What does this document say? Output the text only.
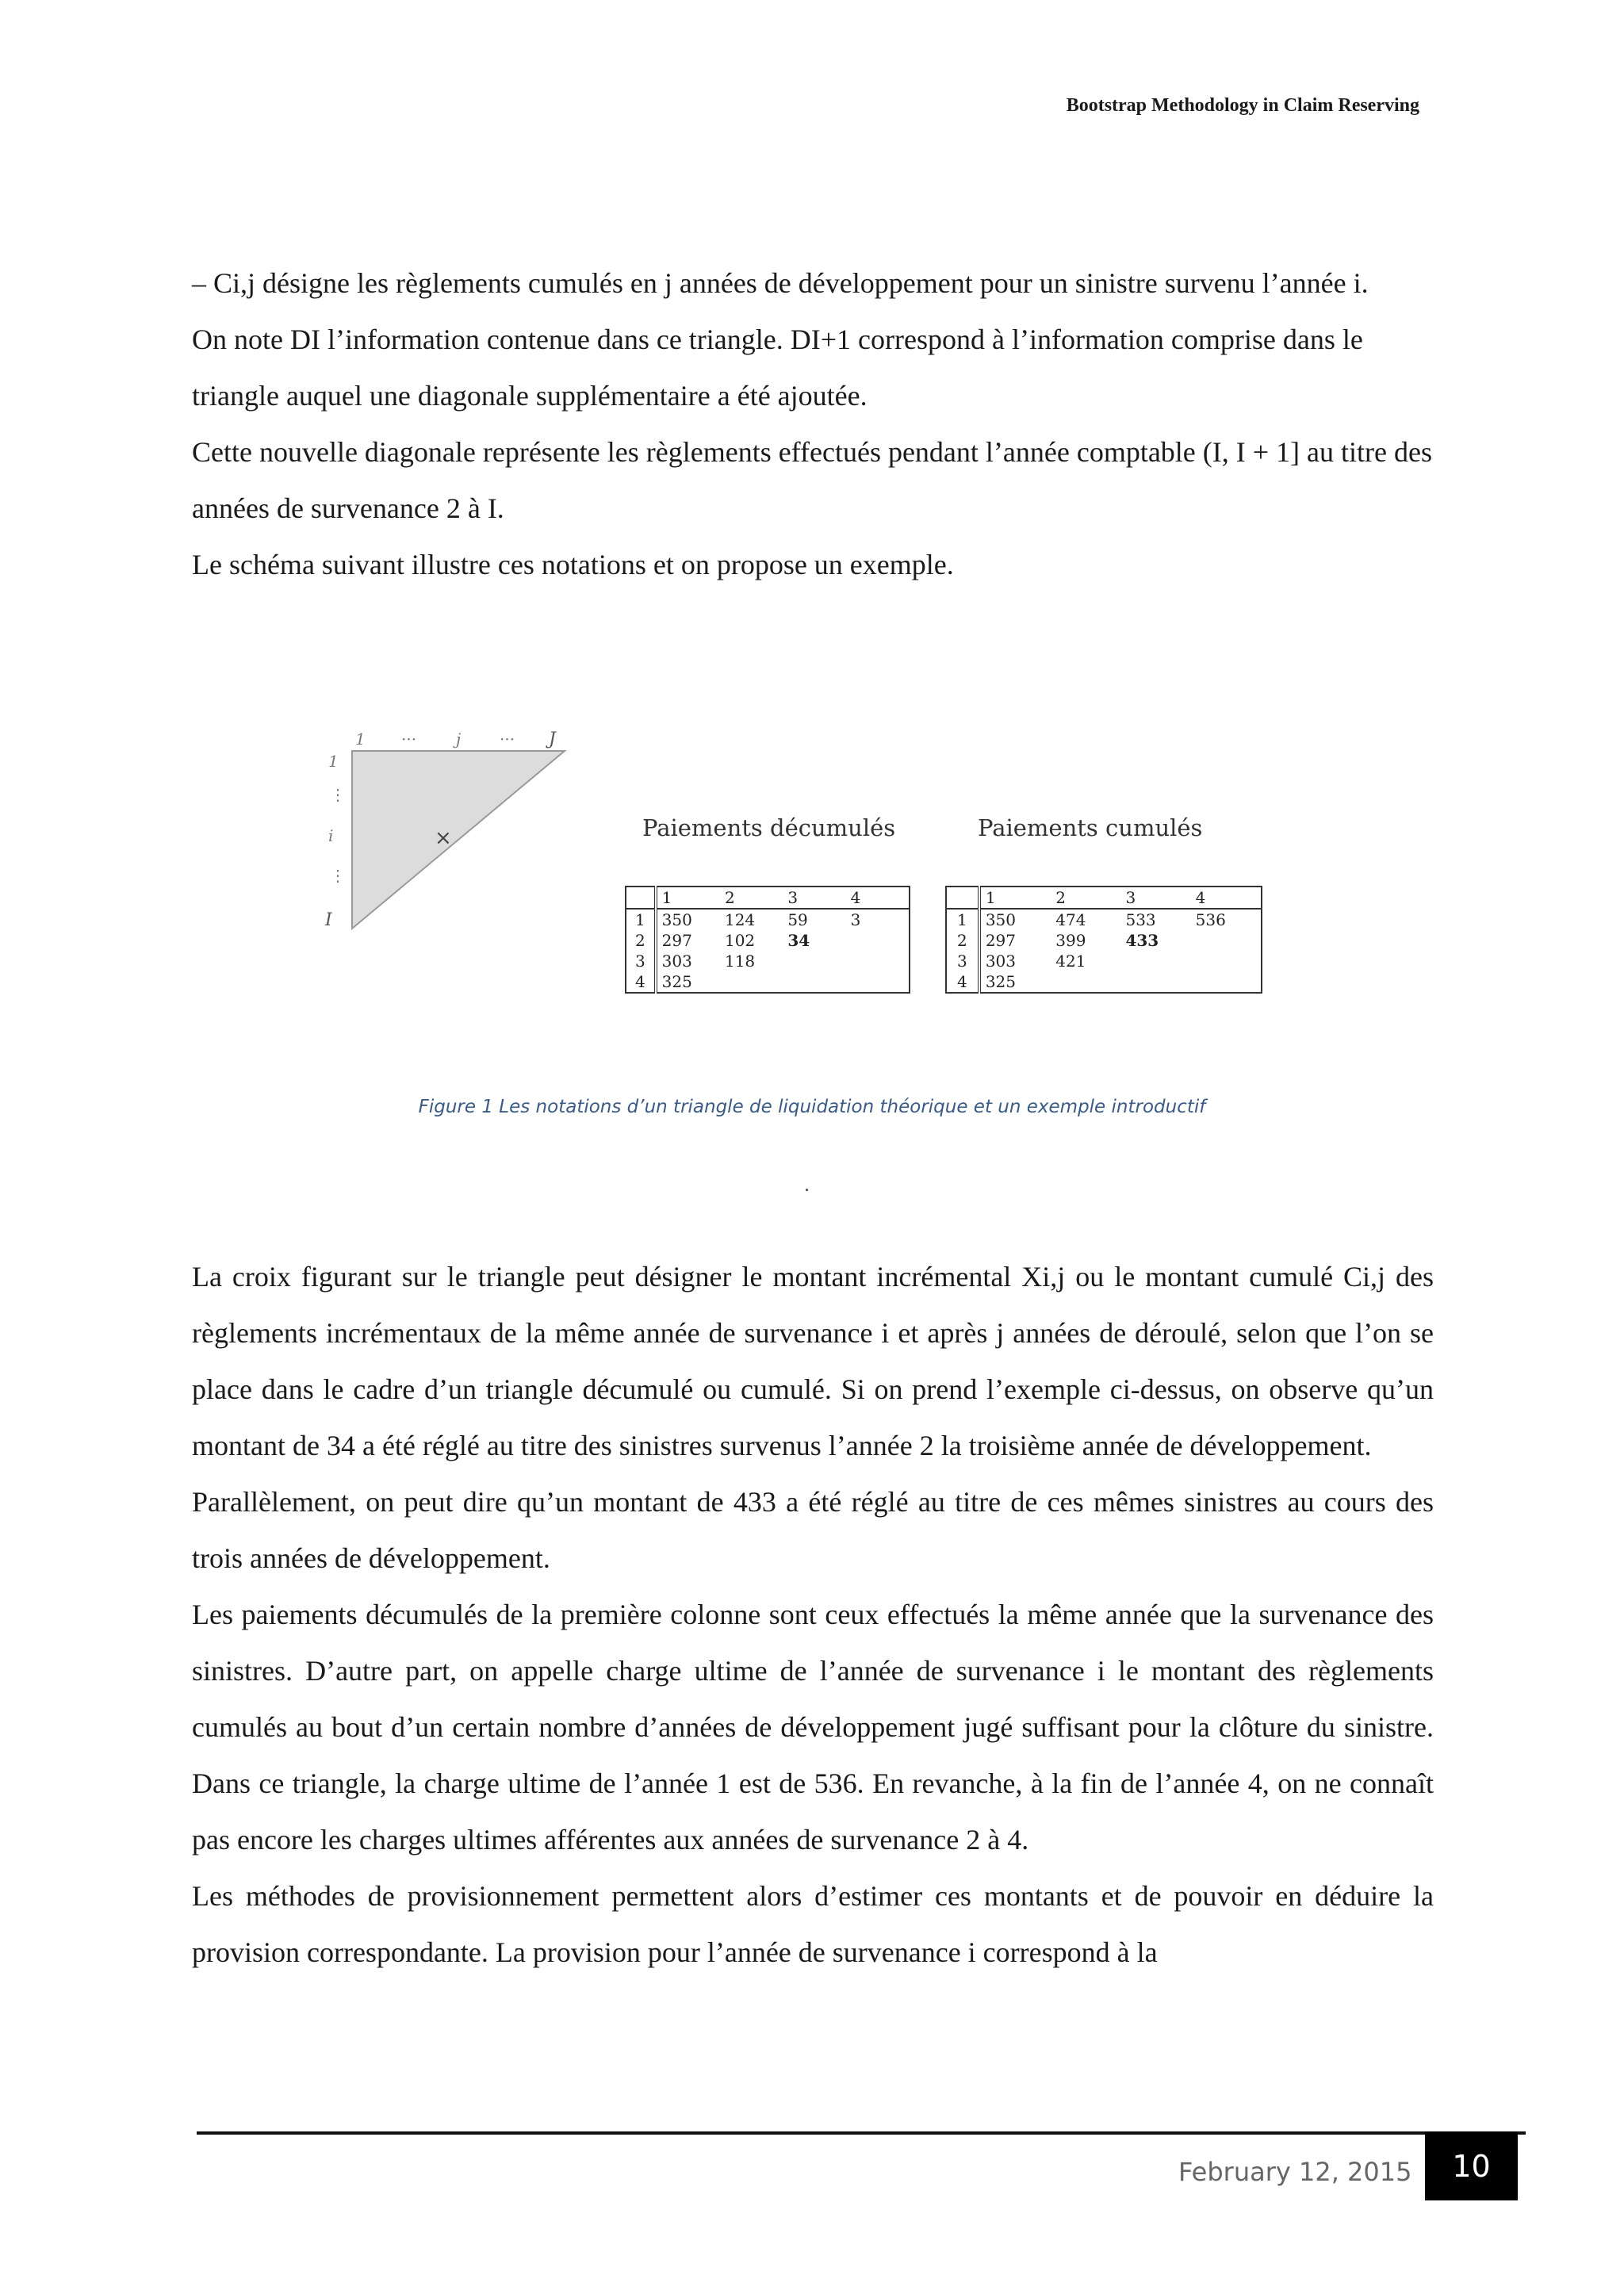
Bootstrap Methodology in Claim Reserving

– Ci,j désigne les règlements cumulés en j années de développement pour un sinistre survenu l’année i.

On note DI l’information contenue dans ce triangle. DI+1 correspond à l’information comprise dans le triangle auquel une diagonale supplémentaire a été ajoutée.

Cette nouvelle diagonale représente les règlements effectués pendant l’année comptable (I, I + 1] au titre des années de survenance 2 à I.

Le schéma suivant illustre ces notations et on propose un exemple.

1 ··· j ··· J
1
⋮
i
⋮
I
×	Paiements décumulés	Paiements cumulés
	1	2	3	4
1	350	124	59	3
2	297	102	34	
3	303	118		
4	325			
	1	2	3	4
1	350	474	533	536
2	297	399	433	
3	303	421		
4	325			
Figure 1 Les notations d’un triangle de liquidation théorique et un exemple introductif
.

La croix figurant sur le triangle peut désigner le montant incrémental Xi,j ou le montant cumulé Ci,j des règlements incrémentaux de la même année de survenance i et après j années de déroulé, selon que l’on se place dans le cadre d’un triangle décumulé ou cumulé. Si on prend l’exemple ci-dessus, on observe qu’un montant de 34 a été réglé au titre des sinistres survenus l’année 2 la troisième année de développement.

Parallèlement, on peut dire qu’un montant de 433 a été réglé au titre de ces mêmes sinistres au cours des trois années de développement.

Les paiements décumulés de la première colonne sont ceux effectués la même année que la survenance des sinistres. D’autre part, on appelle charge ultime de l’année de survenance i le montant des règlements cumulés au bout d’un certain nombre d’années de développement jugé suffisant pour la clôture du sinistre. Dans ce triangle, la charge ultime de l’année 1 est de 536. En revanche, à la fin de l’année 4, on ne connaît pas encore les charges ultimes afférentes aux années de survenance 2 à 4.

Les méthodes de provisionnement permettent alors d’estimer ces montants et de pouvoir en déduire la provision correspondante. La provision pour l’année de survenance i correspond à la

February 12, 2015	10
